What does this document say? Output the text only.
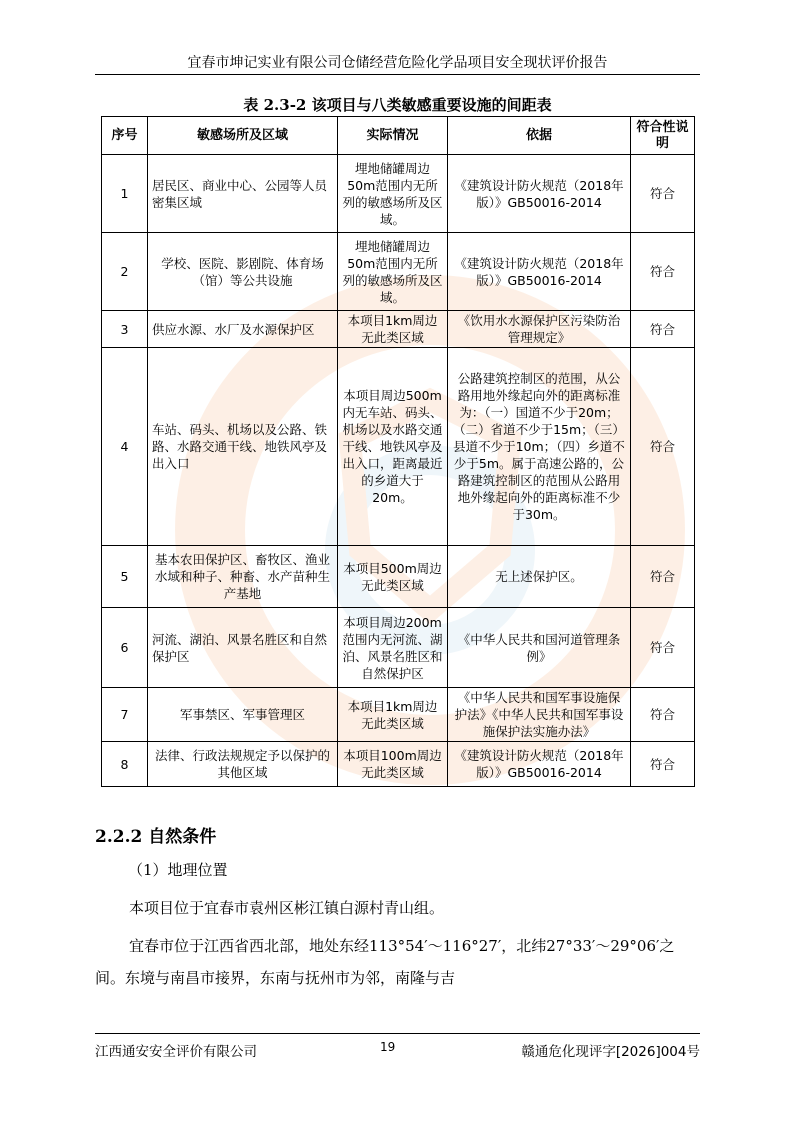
宜春市坤记实业有限公司仓储经营危险化学品项目安全现状评价报告
表 2.3-2 该项目与八类敏感重要设施的间距表
序号	敏感场所及区域	实际情况	依据	符合性说明
1	居民区、商业中心、公园等人员密集区域	埋地储罐周边50m范围内无所列的敏感场所及区域。	《建筑设计防火规范（2018年版）》GB50016-2014	符合
2	学校、医院、影剧院、体育场（馆）等公共设施	埋地储罐周边50m范围内无所列的敏感场所及区域。	《建筑设计防火规范（2018年版）》GB50016-2014	符合
3	供应水源、水厂及水源保护区	本项目1km周边无此类区域	《饮用水水源保护区污染防治管理规定》	符合
4	车站、码头、机场以及公路、铁路、水路交通干线、地铁风亭及出入口	本项目周边500m内无车站、码头、机场以及水路交通干线、地铁风亭及出入口，距离最近的乡道大于20m。	公路建筑控制区的范围，从公路用地外缘起向外的距离标准为：（一）国道不少于20m；（二）省道不少于15m；（三）县道不少于10m；（四）乡道不少于5m。属于高速公路的，公路建筑控制区的范围从公路用地外缘起向外的距离标准不少于30m。	符合
5	基本农田保护区、畜牧区、渔业水域和种子、种畜、水产苗种生产基地	本项目500m周边无此类区域	无上述保护区。	符合
6	河流、湖泊、风景名胜区和自然保护区	本项目周边200m范围内无河流、湖泊、风景名胜区和自然保护区	《中华人民共和国河道管理条例》	符合
7	军事禁区、军事管理区	本项目1km周边无此类区域	《中华人民共和国军事设施保护法》《中华人民共和国军事设施保护法实施办法》	符合
8	法律、行政法规规定予以保护的其他区域	本项目100m周边无此类区域	《建筑设计防火规范（2018年版）》GB50016-2014	符合
2.2.2 自然条件
（1）地理位置
本项目位于宜春市袁州区彬江镇白源村青山组。
宜春市位于江西省西北部，地处东经113°54′～116°27′，北纬27°33′～29°06′之间。东境与南昌市接界，东南与抚州市为邻，南隆与吉
江西通安安全评价有限公司	19	赣通危化现评字[2026]004号
